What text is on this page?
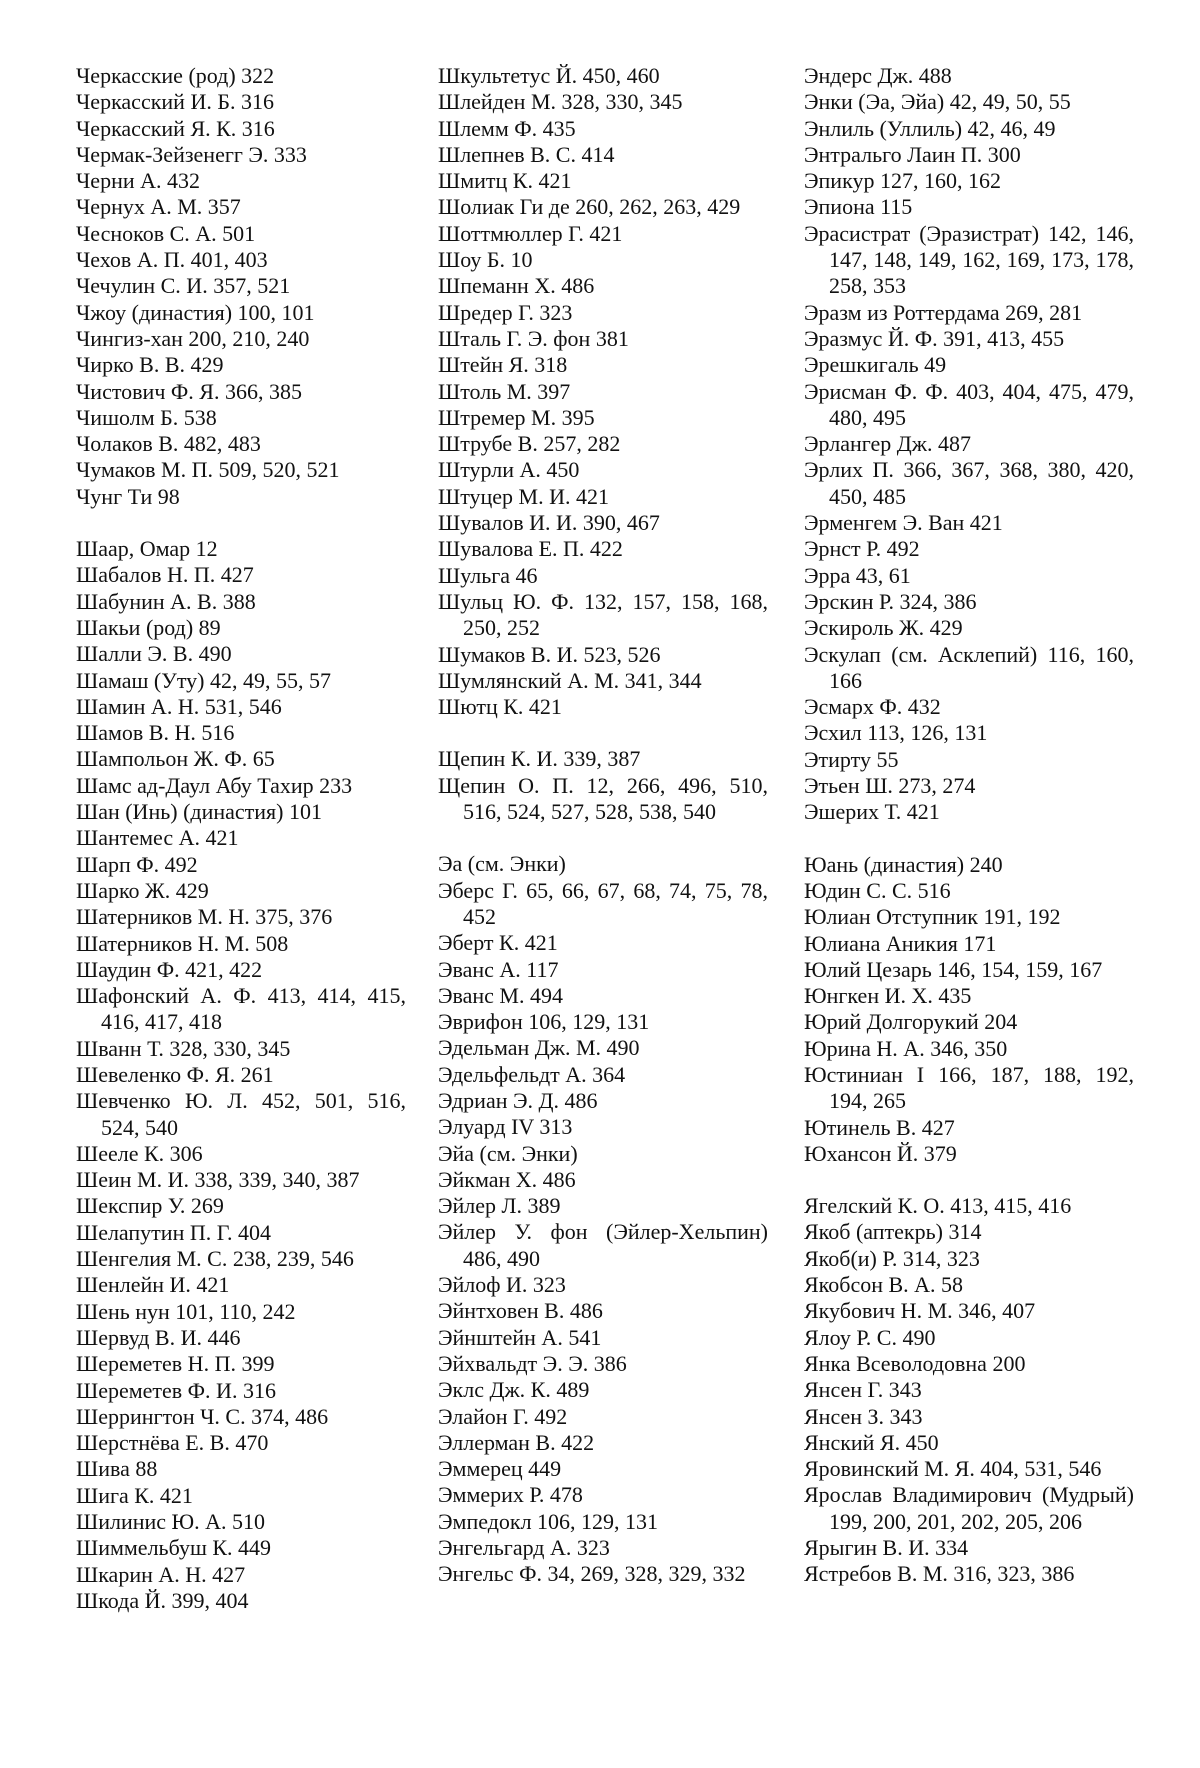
Черкасские (род) 322
Черкасский И. Б. 316
Черкасский Я. К. 316
Чермак-Зейзенегг Э. 333
Черни А. 432
Чернух А. М. 357
Чесноков С. А. 501
Чехов А. П. 401, 403
Чечулин С. И. 357, 521
Чжоу (династия) 100, 101
Чингиз-хан 200, 210, 240
Чирко В. В. 429
Чистович Ф. Я. 366, 385
Чишолм Б. 538
Чолаков В. 482, 483
Чумаков М. П. 509, 520, 521
Чунг Ти 98
Шаар, Омар 12
Шабалов Н. П. 427
Шабунин А. В. 388
Шакьи (род) 89
Шалли Э. В. 490
Шамаш (Уту) 42, 49, 55, 57
Шамин А. Н. 531, 546
Шамов В. Н. 516
Шампольон Ж. Ф. 65
Шамс ад-Даул Абу Тахир 233
Шан (Инь) (династия) 101
Шантемес А. 421
Шарп Ф. 492
Шарко Ж. 429
Шатерников М. Н. 375, 376
Шатерников Н. М. 508
Шаудин Ф. 421, 422
Шафонский А. Ф. 413, 414, 415, 416, 417, 418
Шванн Т. 328, 330, 345
Шевеленко Ф. Я. 261
Шевченко Ю. Л. 452, 501, 516, 524, 540
Шееле К. 306
Шеин М. И. 338, 339, 340, 387
Шекспир У. 269
Шелапутин П. Г. 404
Шенгелия М. С. 238, 239, 546
Шенлейн И. 421
Шень нун 101, 110, 242
Шервуд В. И. 446
Шереметев Н. П. 399
Шереметев Ф. И. 316
Шеррингтон Ч. С. 374, 486
Шерстнёва Е. В. 470
Шива 88
Шига К. 421
Шилинис Ю. А. 510
Шиммельбуш К. 449
Шкарин А. Н. 427
Шкода Й. 399, 404
Шкультетус Й. 450, 460
Шлейден М. 328, 330, 345
Шлемм Ф. 435
Шлепнев В. С. 414
Шмитц К. 421
Шолиак Ги де 260, 262, 263, 429
Шоттмюллер Г. 421
Шоу Б. 10
Шпеманн Х. 486
Шредер Г. 323
Шталь Г. Э. фон 381
Штейн Я. 318
Штоль М. 397
Штремер М. 395
Штрубе В. 257, 282
Штурли А. 450
Штуцер М. И. 421
Шувалов И. И. 390, 467
Шувалова Е. П. 422
Шульга 46
Шульц Ю. Ф. 132, 157, 158, 168, 250, 252
Шумаков В. И. 523, 526
Шумлянский А. М. 341, 344
Шютц К. 421
Щепин К. И. 339, 387
Щепин О. П. 12, 266, 496, 510, 516, 524, 527, 528, 538, 540
Эа (см. Энки)
Эберс Г. 65, 66, 67, 68, 74, 75, 78, 452
Эберт К. 421
Эванс А. 117
Эванс М. 494
Эврифон 106, 129, 131
Эдельман Дж. М. 490
Эдельфельдт А. 364
Эдриан Э. Д. 486
Элуард IV 313
Эйа (см. Энки)
Эйкман Х. 486
Эйлер Л. 389
Эйлер У. фон (Эйлер-Хельпин) 486, 490
Эйлоф И. 323
Эйнтховен В. 486
Эйнштейн А. 541
Эйхвальдт Э. Э. 386
Эклс Дж. К. 489
Элайон Г. 492
Эллерман В. 422
Эммерец 449
Эммерих Р. 478
Эмпедокл 106, 129, 131
Энгельгард А. 323
Энгельс Ф. 34, 269, 328, 329, 332
Эндерс Дж. 488
Энки (Эа, Эйа) 42, 49, 50, 55
Энлиль (Уллиль) 42, 46, 49
Энтральго Лаин П. 300
Эпикур 127, 160, 162
Эпиона 115
Эрасистрат (Эразистрат) 142, 146, 147, 148, 149, 162, 169, 173, 178, 258, 353
Эразм из Роттердама 269, 281
Эразмус Й. Ф. 391, 413, 455
Эрешкигаль 49
Эрисман Ф. Ф. 403, 404, 475, 479, 480, 495
Эрлангер Дж. 487
Эрлих П. 366, 367, 368, 380, 420, 450, 485
Эрменгем Э. Ван 421
Эрнст Р. 492
Эрра 43, 61
Эрскин Р. 324, 386
Эскироль Ж. 429
Эскулап (см. Асклепий) 116, 160, 166
Эсмарх Ф. 432
Эсхил 113, 126, 131
Этирту 55
Этьен Ш. 273, 274
Эшерих Т. 421
Юань (династия) 240
Юдин С. С. 516
Юлиан Отступник 191, 192
Юлиана Аникия 171
Юлий Цезарь 146, 154, 159, 167
Юнгкен И. Х. 435
Юрий Долгорукий 204
Юрина Н. А. 346, 350
Юстиниан I 166, 187, 188, 192, 194, 265
Ютинель В. 427
Юхансон Й. 379
Ягелский К. О. 413, 415, 416
Якоб (аптекрь) 314
Якоб(и) Р. 314, 323
Якобсон В. А. 58
Якубович Н. М. 346, 407
Ялоу Р. С. 490
Янка Всеволодовна 200
Янсен Г. 343
Янсен З. 343
Янский Я. 450
Яровинский М. Я. 404, 531, 546
Ярослав Владимирович (Мудрый) 199, 200, 201, 202, 205, 206
Ярыгин В. И. 334
Ястребов В. М. 316, 323, 386
